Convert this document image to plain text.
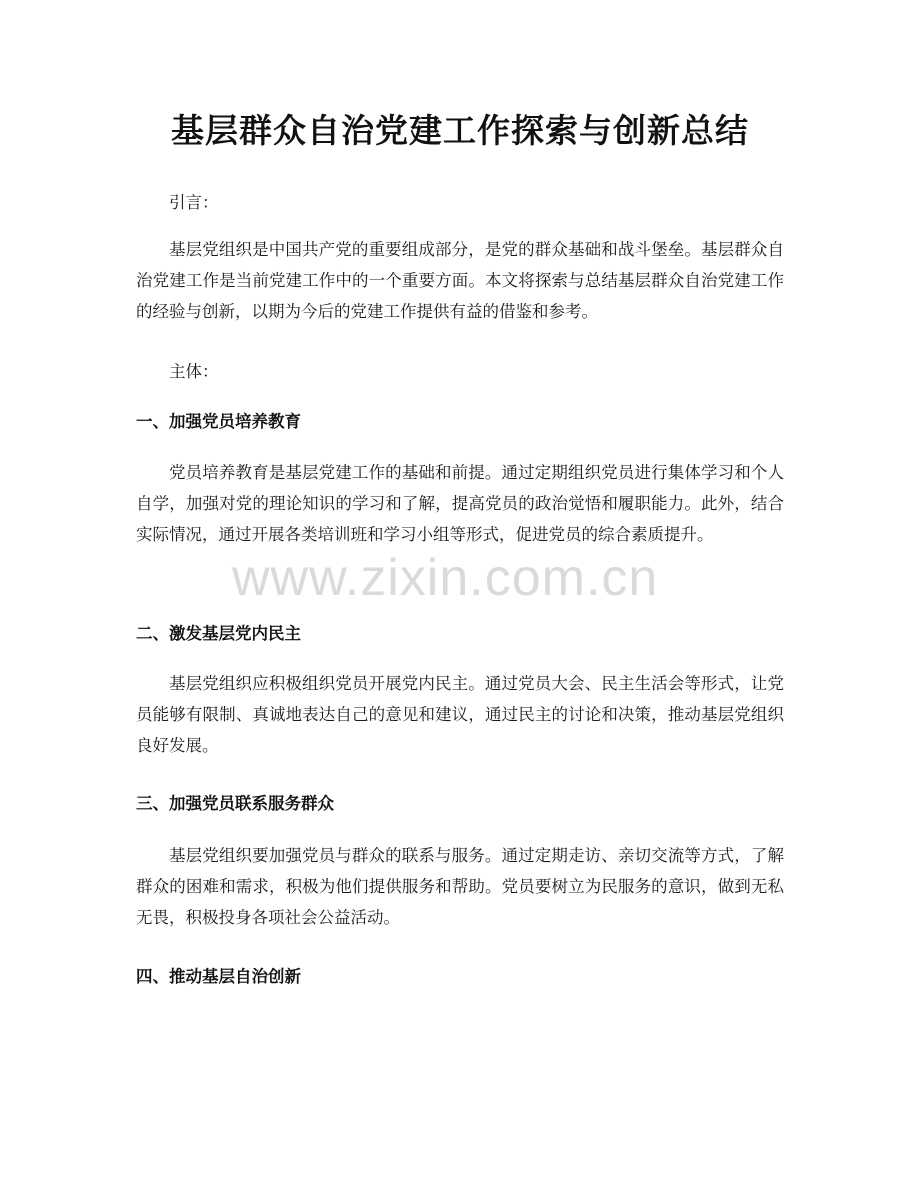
基层群众自治党建工作探索与创新总结

引言：

基层党组织是中国共产党的重要组成部分，是党的群众基础和战斗堡垒。基层群众自治党建工作是当前党建工作中的一个重要方面。本文将探索与总结基层群众自治党建工作的经验与创新，以期为今后的党建工作提供有益的借鉴和参考。

主体：

一、加强党员培养教育

党员培养教育是基层党建工作的基础和前提。通过定期组织党员进行集体学习和个人自学，加强对党的理论知识的学习和了解，提高党员的政治觉悟和履职能力。此外，结合实际情况，通过开展各类培训班和学习小组等形式，促进党员的综合素质提升。

二、激发基层党内民主

基层党组织应积极组织党员开展党内民主。通过党员大会、民主生活会等形式，让党员能够有限制、真诚地表达自己的意见和建议，通过民主的讨论和决策，推动基层党组织良好发展。

三、加强党员联系服务群众

基层党组织要加强党员与群众的联系与服务。通过定期走访、亲切交流等方式，了解群众的困难和需求，积极为他们提供服务和帮助。党员要树立为民服务的意识，做到无私无畏，积极投身各项社会公益活动。

四、推动基层自治创新
www.zixin.com.cn
